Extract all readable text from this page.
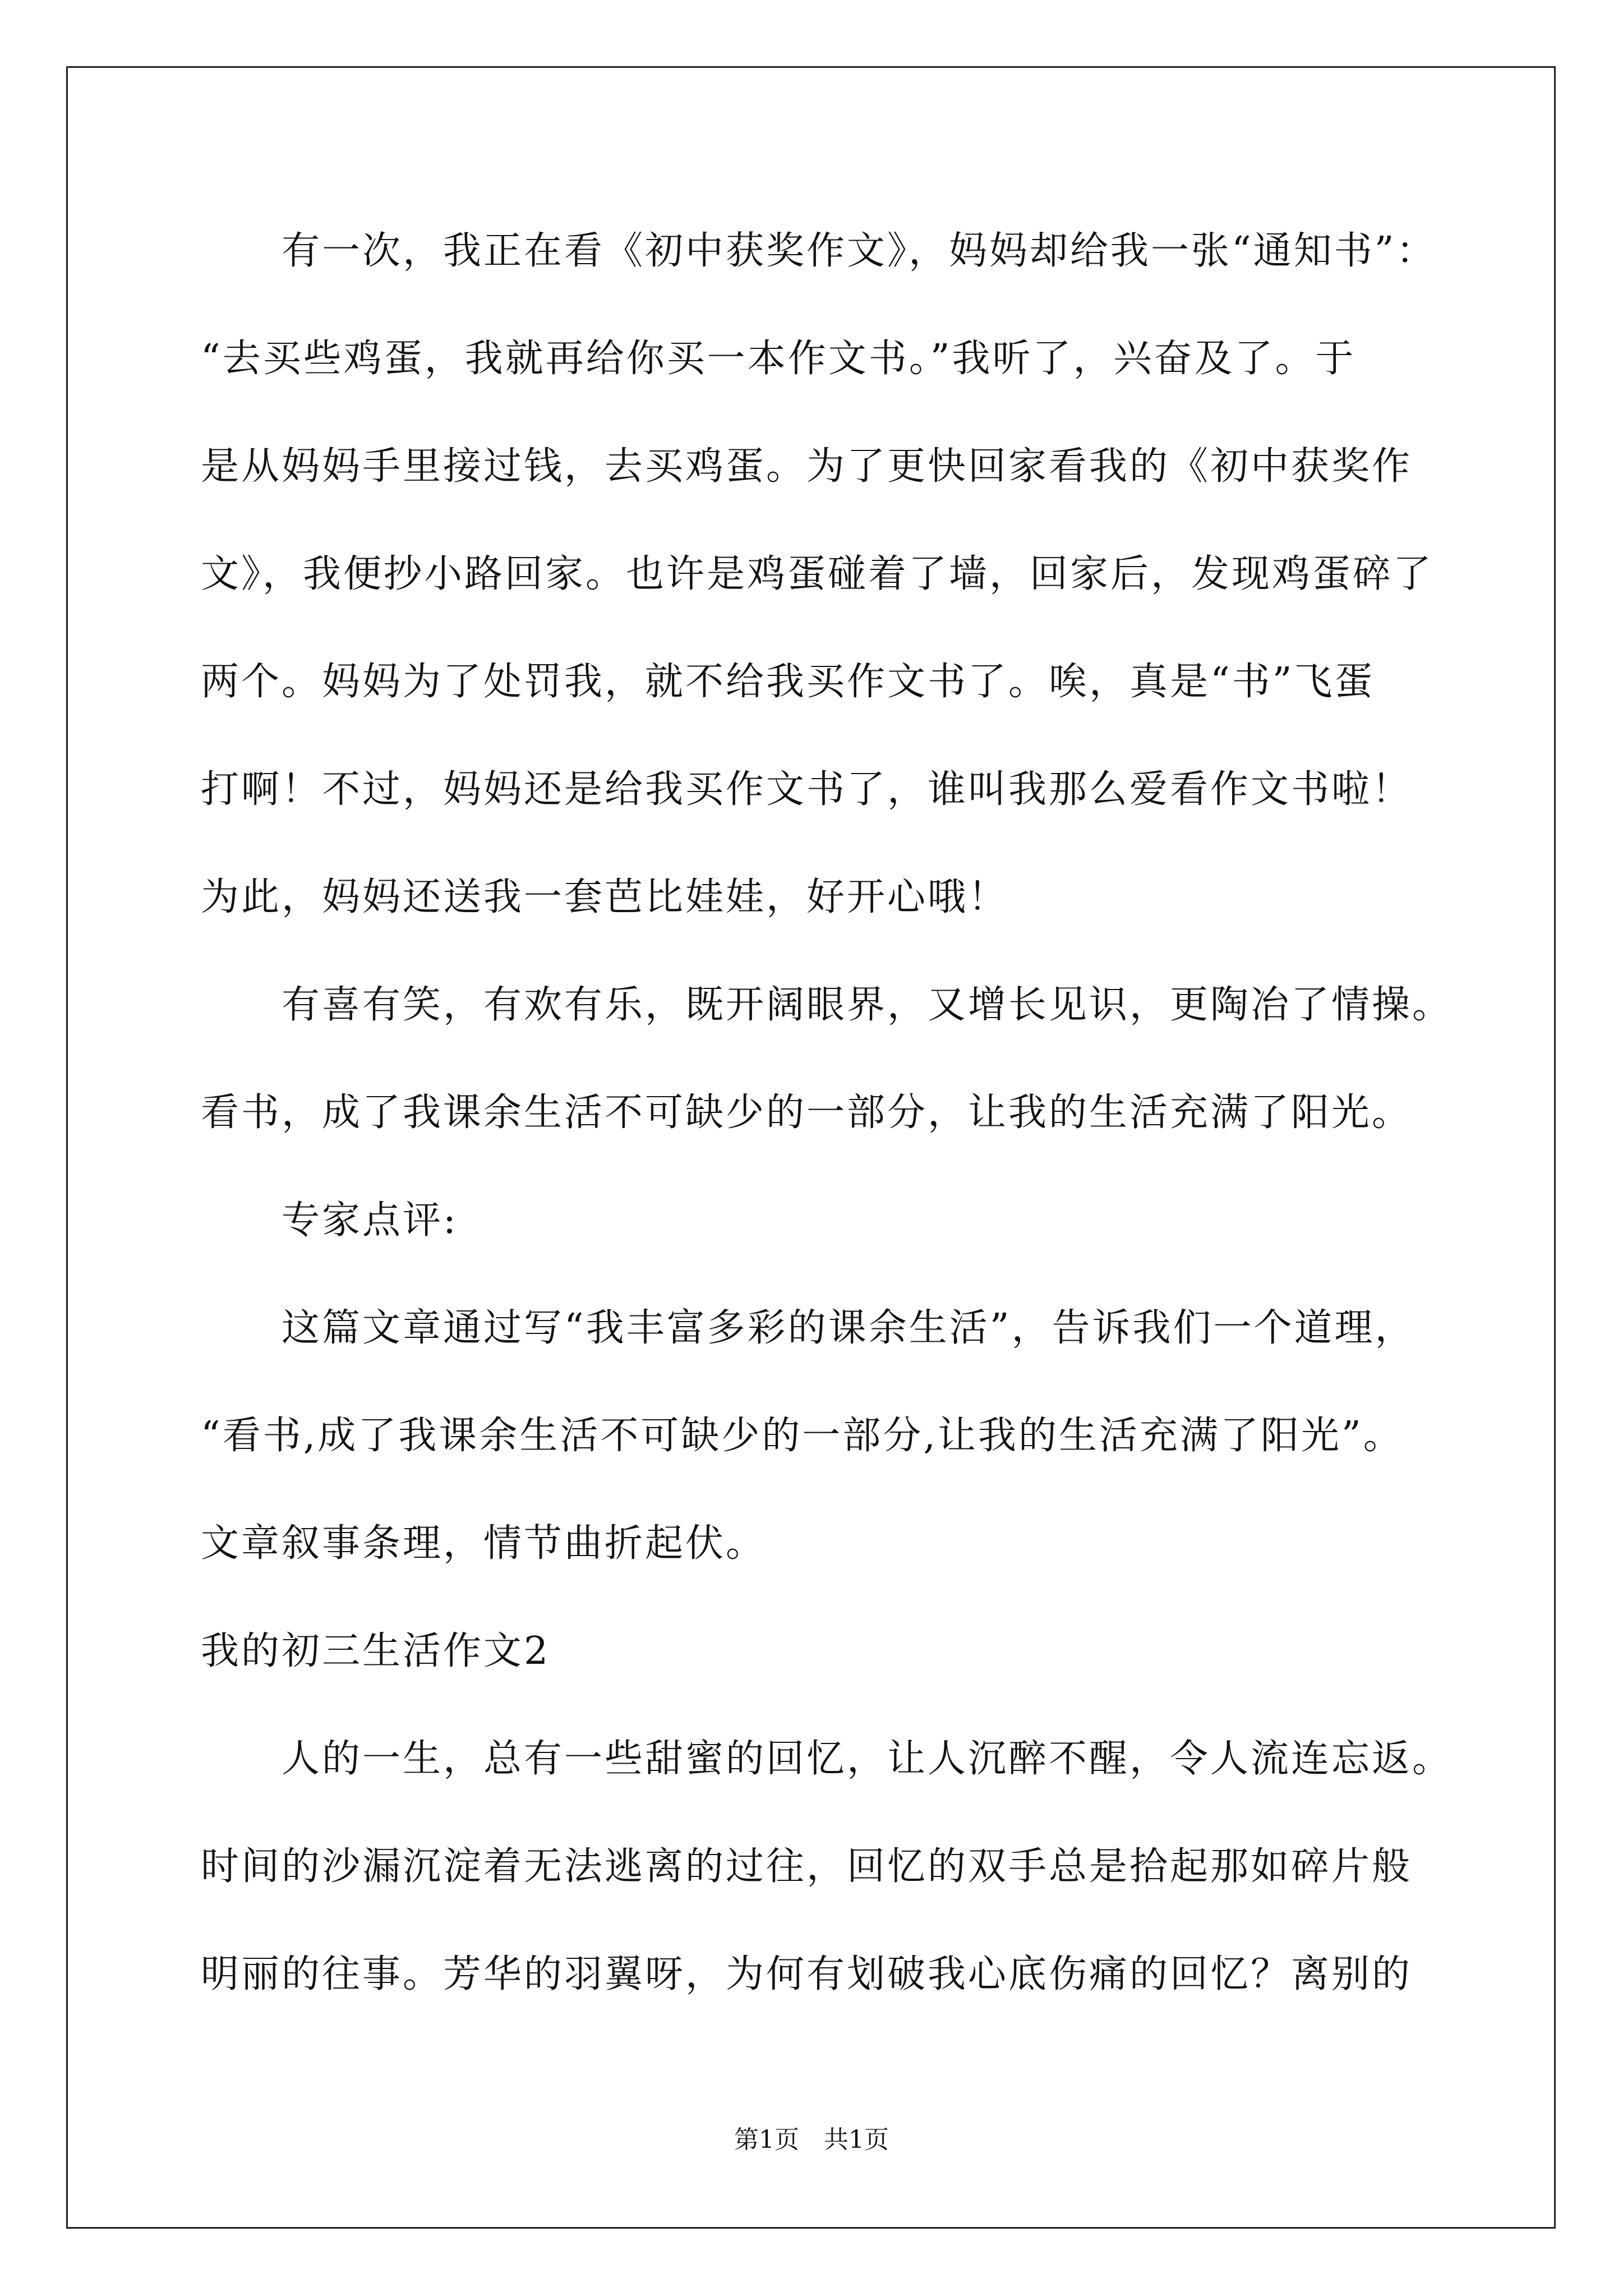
有一次，我正在看《初中获奖作文》，妈妈却给我一张“通知书”：
“去买些鸡蛋，我就再给你买一本作文书。”我听了，兴奋及了。于
是从妈妈手里接过钱，去买鸡蛋。为了更快回家看我的《初中获奖作
文》，我便抄小路回家。也许是鸡蛋碰着了墙，回家后，发现鸡蛋碎了
两个。妈妈为了处罚我，就不给我买作文书了。唉，真是“书”飞蛋
打啊！不过，妈妈还是给我买作文书了，谁叫我那么爱看作文书啦！
为此，妈妈还送我一套芭比娃娃，好开心哦！
有喜有笑，有欢有乐，既开阔眼界，又增长见识，更陶冶了情操。
看书，成了我课余生活不可缺少的一部分，让我的生活充满了阳光。
专家点评:
这篇文章通过写“我丰富多彩的课余生活”，告诉我们一个道理，
“看书,成了我课余生活不可缺少的一部分,让我的生活充满了阳光”。
文章叙事条理，情节曲折起伏。
我的初三生活作文2
人的一生，总有一些甜蜜的回忆，让人沉醉不醒，令人流连忘返。
时间的沙漏沉淀着无法逃离的过往，回忆的双手总是拾起那如碎片般
明丽的往事。芳华的羽翼呀，为何有划破我心底伤痛的回忆？离别的
第1页　共1页
